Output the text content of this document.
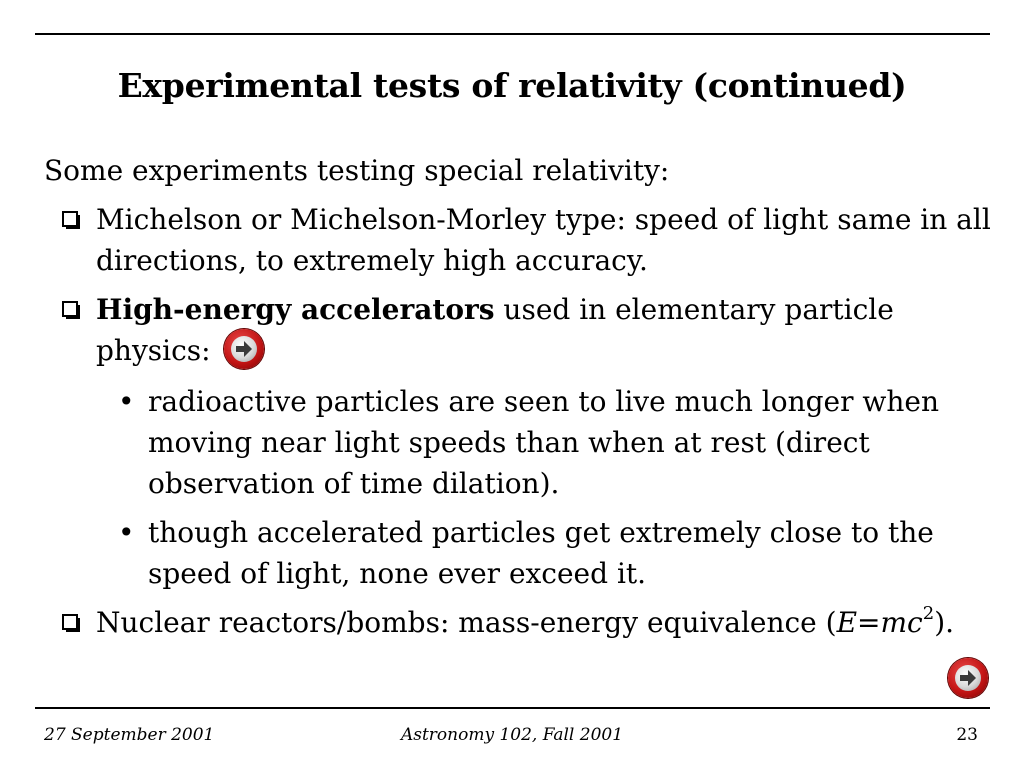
Experimental tests of relativity (continued)

Some experiments testing special relativity:

Michelson or Michelson-Morley type: speed of light same in all directions, to extremely high accuracy.
High-energy accelerators used in elementary particle physics:
• radioactive particles are seen to live much longer when moving near light speeds than when at rest (direct observation of time dilation).
• though accelerated particles get extremely close to the speed of light, none ever exceed it.
Nuclear reactors/bombs: mass-energy equivalence $(E=mc^2)$.
27 September 2001	Astronomy 102, Fall 2001	23
